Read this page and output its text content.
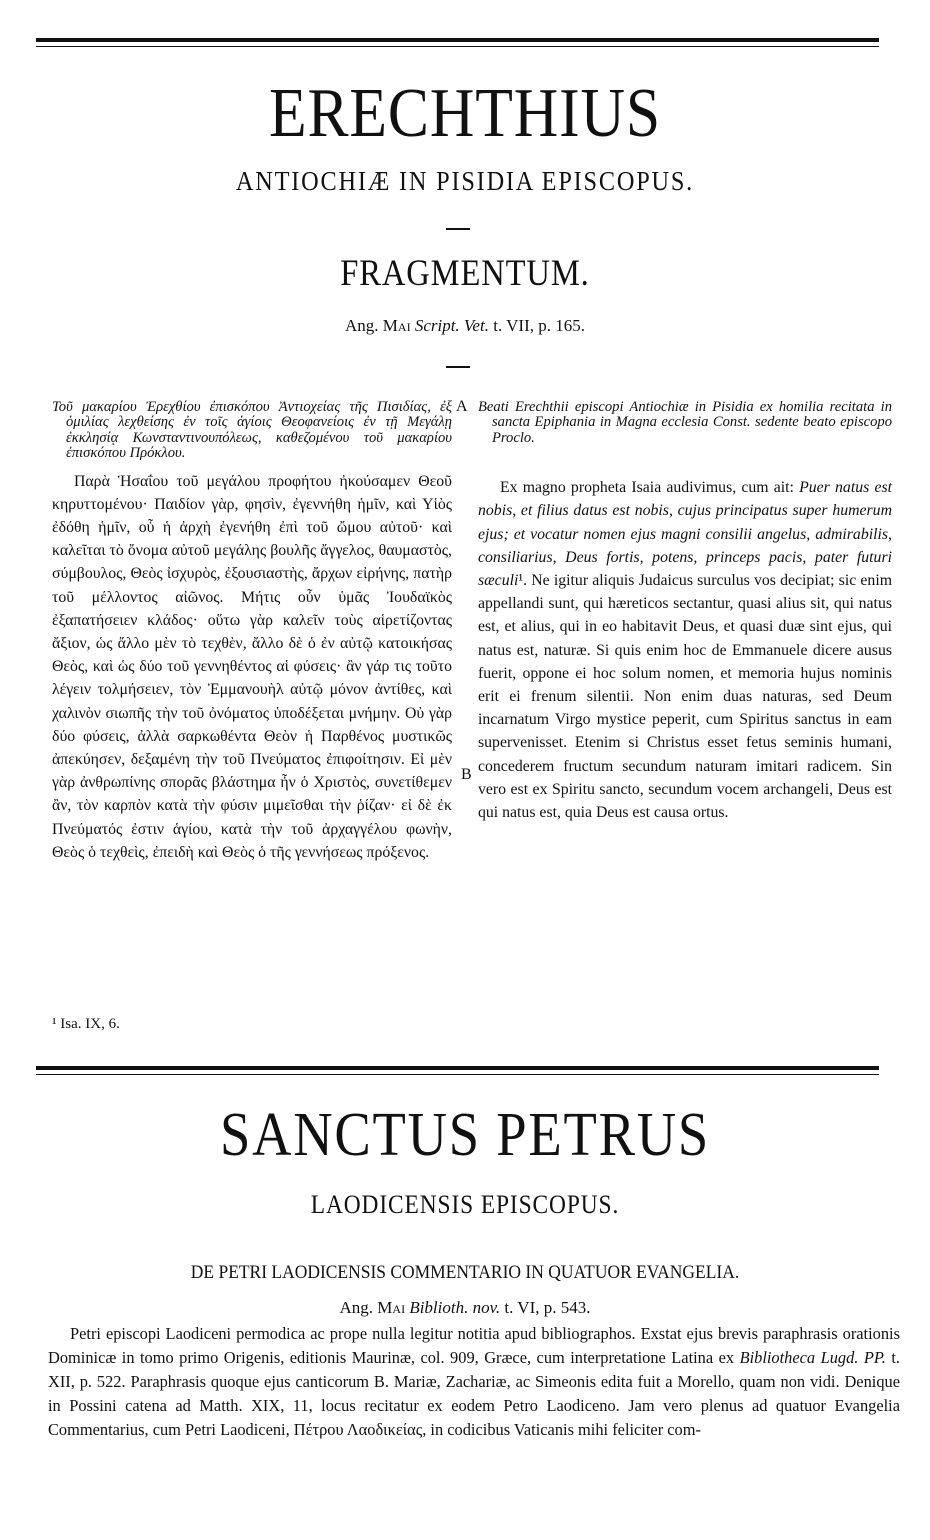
ERECHTHIUS
ANTIOCHIÆ IN PISIDIA EPISCOPUS.
FRAGMENTUM.
Ang. Mai Script. Vet. t. VII, p. 165.

Τοῦ μακαρίου Ἐρεχθίου ἐπισκόπου Ἀντιοχείας τῆς Πισιδίας, ἐξ ὁμιλίας λεχθείσης ἐν τοῖς ἁγίοις Θεοφανείοις ἐν τῇ Μεγάλῃ ἐκκλησίᾳ Κωνσταντινουπόλεως, καθεζομένου τοῦ μακαρίου ἐπισκόπου Πρόκλου.

Παρὰ Ἡσαΐου τοῦ μεγάλου προφήτου ἠκούσαμεν Θεοῦ κηρυττομένου· Παιδίον γὰρ, φησὶν, ἐγεννήθη ἡμῖν, καὶ Υἱὸς ἐδόθη ἡμῖν, οὗ ἡ ἀρχὴ ἐγενήθη ἐπὶ τοῦ ὤμου αὐτοῦ· καὶ καλεῖται τὸ ὄνομα αὐτοῦ μεγάλης βουλῆς ἄγγελος, θαυμαστὸς, σύμβουλος, Θεὸς ἰσχυρὸς, ἐξουσιαστὴς, ἄρχων εἰρήνης, πατὴρ τοῦ μέλλοντος αἰῶνος. Μήτις οὖν ὑμᾶς Ἰουδαϊκὸς ἐξαπατήσειεν κλάδος· οὕτω γὰρ καλεῖν τοὺς αἱρετίζοντας ἄξιον, ὡς ἄλλο μὲν τὸ τεχθὲν, ἄλλο δὲ ὁ ἐν αὐτῷ κατοικήσας Θεὸς, καὶ ὡς δύο τοῦ γεννηθέντος αἱ φύσεις· ἂν γάρ τις τοῦτο λέγειν τολμήσειεν, τὸν Ἐμμανουὴλ αὐτῷ μόνον ἀντίθες, καὶ χαλινὸν σιωπῆς τὴν τοῦ ὀνόματος ὑποδέξεται μνήμην. Οὐ γὰρ δύο φύσεις, ἀλλὰ σαρκωθέντα Θεὸν ἡ Παρθένος μυστικῶς ἀπεκύησεν, δεξαμένη τὴν τοῦ Πνεύματος ἐπιφοίτησιν. Εἰ μὲν γὰρ ἀνθρωπίνης σπορᾶς βλάστημα ἦν ὁ Χριστὸς, συνετίθεμεν ἂν, τὸν καρπὸν κατὰ τὴν φύσιν μιμεῖσθαι τὴν ῥίζαν· εἰ δὲ ἐκ Πνεύματός ἐστιν ἁγίου, κατὰ τὴν τοῦ ἀρχαγγέλου φωνὴν, Θεὸς ὁ τεχθεὶς, ἐπειδὴ καὶ Θεὸς ὁ τῆς γεννήσεως πρόξενος.

A
B

Beati Erechthii episcopi Antiochiæ in Pisidia ex homilia recitata in sancta Epiphania in Magna ecclesia Const. sedente beato episcopo Proclo.

Ex magno propheta Isaia audivimus, cum ait: Puer natus est nobis, et filius datus est nobis, cujus principatus super humerum ejus; et vocatur nomen ejus magni consilii angelus, admirabilis, consiliarius, Deus fortis, potens, princeps pacis, pater futuri sæculi¹. Ne igitur aliquis Judaicus surculus vos decipiat; sic enim appellandi sunt, qui hæreticos sectantur, quasi alius sit, qui natus est, et alius, qui in eo habitavit Deus, et quasi duæ sint ejus, qui natus est, naturæ. Si quis enim hoc de Emmanuele dicere ausus fuerit, oppone ei hoc solum nomen, et memoria hujus nominis erit ei frenum silentii. Non enim duas naturas, sed Deum incarnatum Virgo mystice peperit, cum Spiritus sanctus in eam supervenisset. Etenim si Christus esset fetus seminis humani, concederem fructum secundum naturam imitari radicem. Sin vero est ex Spiritu sancto, secundum vocem archangeli, Deus est qui natus est, quia Deus est causa ortus.

¹ Isa. IX, 6.
SANCTUS PETRUS
LAODICENSIS EPISCOPUS.
DE PETRI LAODICENSIS COMMENTARIO IN QUATUOR EVANGELIA.
Ang. Mai Biblioth. nov. t. VI, p. 543.

Petri episcopi Laodiceni permodica ac prope nulla legitur notitia apud bibliographos. Exstat ejus brevis paraphrasis orationis Dominicæ in tomo primo Origenis, editionis Maurinæ, col. 909, Græce, cum interpretatione Latina ex Bibliotheca Lugd. PP. t. XII, p. 522. Paraphrasis quoque ejus canticorum B. Mariæ, Zachariæ, ac Simeonis edita fuit a Morello, quam non vidi. Denique in Possini catena ad Matth. XIX, 11, locus recitatur ex eodem Petro Laodiceno. Jam vero plenus ad quatuor Evangelia Commentarius, cum Petri Laodiceni, Πέτρου Λαοδικείας, in codicibus Vaticanis mihi feliciter com-
